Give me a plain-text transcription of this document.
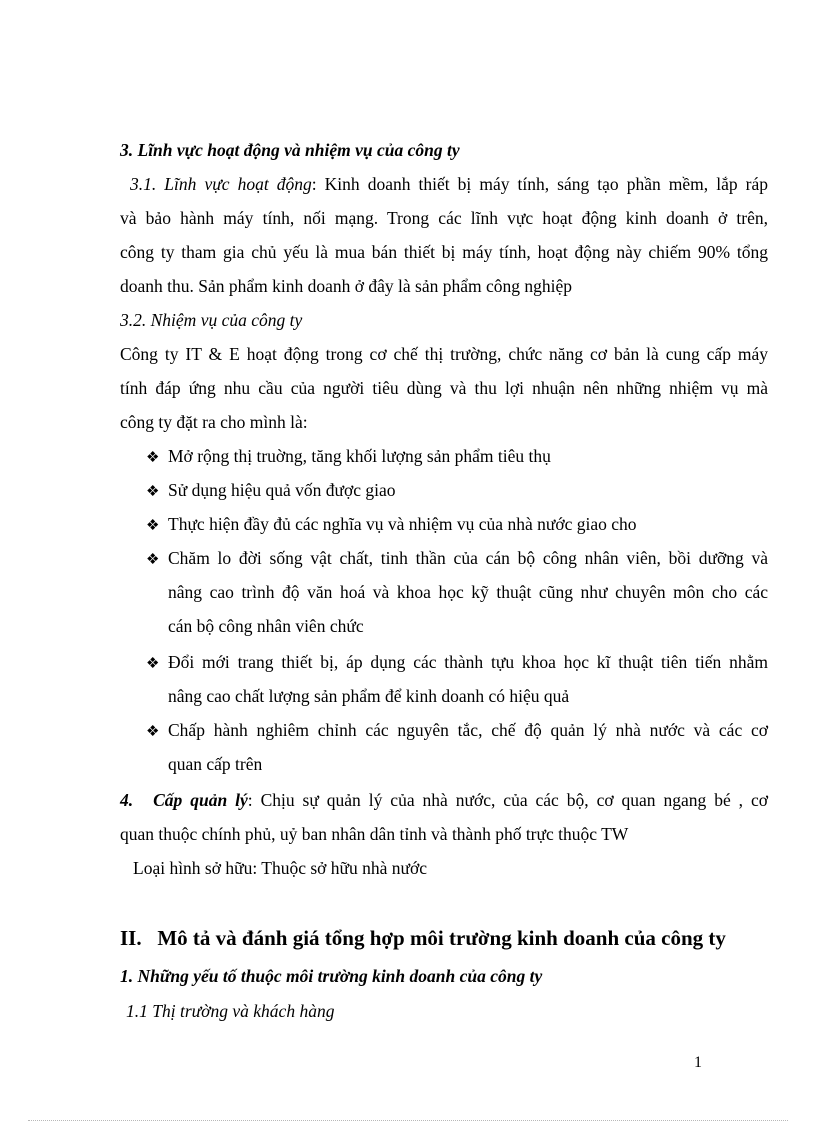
3. Lĩnh vực hoạt động và nhiệm vụ của công ty
3.1. Lĩnh vực hoạt động: Kinh doanh thiết bị máy tính, sáng tạo phần mềm, lắp ráp
và bảo hành máy tính, nối mạng. Trong các lĩnh vực hoạt động kinh doanh ở trên,
công ty tham gia chủ yếu là mua bán thiết bị máy tính, hoạt động này chiếm 90% tổng
doanh thu. Sản phẩm kinh doanh ở đây là sản phẩm công nghiệp
3.2. Nhiệm vụ của công ty
Công ty IT & E hoạt động trong cơ chế thị trường, chức năng cơ bản là cung cấp máy
tính đáp ứng nhu cầu của người tiêu dùng và thu lợi nhuận nên những nhiệm vụ mà
công ty đặt ra cho mình là:
❖ Mở rộng thị truờng, tăng khối lượng sản phẩm tiêu thụ
❖ Sử dụng hiệu quả vốn được giao
❖ Thực hiện đầy đủ các nghĩa vụ và nhiệm vụ của nhà nước giao cho
❖ Chăm lo đời sống vật chất, tinh thần của cán bộ công nhân viên, bồi dưỡng và
nâng cao trình độ văn hoá và khoa học kỹ thuật cũng như chuyên môn cho các
cán bộ công nhân viên chức
❖ Đổi mới trang thiết bị, áp dụng các thành tựu khoa học kĩ thuật tiên tiến nhằm
nâng cao chất lượng sản phẩm để kinh doanh có hiệu quả
❖ Chấp hành nghiêm chỉnh các nguyên tắc, chế độ quản lý nhà nước và các cơ
quan cấp trên
4. Cấp quản lý: Chịu sự quản lý của nhà nước, của các bộ, cơ quan ngang bé , cơ
quan thuộc chính phủ, uỷ ban nhân dân tỉnh và thành phố trực thuộc TW
Loại hình sở hữu: Thuộc sở hữu nhà nước
II.   Mô tả và đánh giá tổng hợp môi trường kinh doanh của công ty
1. Những yếu tố thuộc môi trường kinh doanh của công ty
1.1 Thị trường và khách hàng
1
